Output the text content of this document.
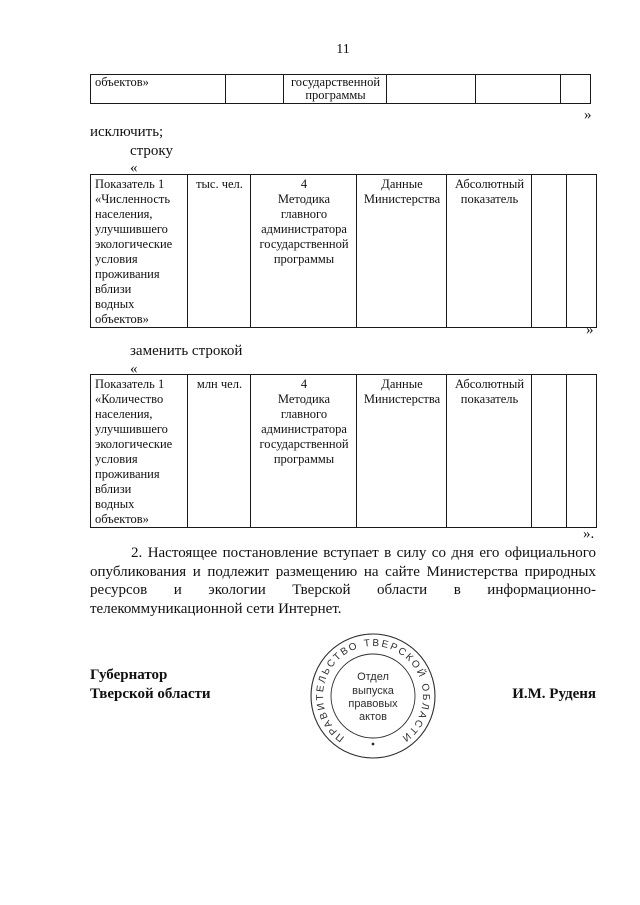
11
объектов»		государственной
программы			
»
исключить;
строку
«
Показатель 1
«Численность
населения,
улучшившего
экологические
условия
проживания
вблизи
водных
объектов»	тыс. чел.	4
Методика
главного
администратора
государственной
программы	Данные
Министерства	Абсолютный
показатель		
»
заменить строкой
«
Показатель 1
«Количество
населения,
улучшившего
экологические
условия
проживания
вблизи
водных
объектов»	млн чел.	4
Методика
главного
администратора
государственной
программы	Данные
Министерства	Абсолютный
показатель		
».
2. Настоящее постановление вступает в силу со дня его официального опубликования и подлежит размещению на сайте Министерства природных ресурсов и экологии Тверской области в информационно-телекоммуникационной сети Интернет.
Губернатор
Тверской области	И.М. Руденя
ПРАВИТЕЛЬСТВО ТВЕРСКОЙ ОБЛАСТИ
Отдел
выпуска
правовых
актов
